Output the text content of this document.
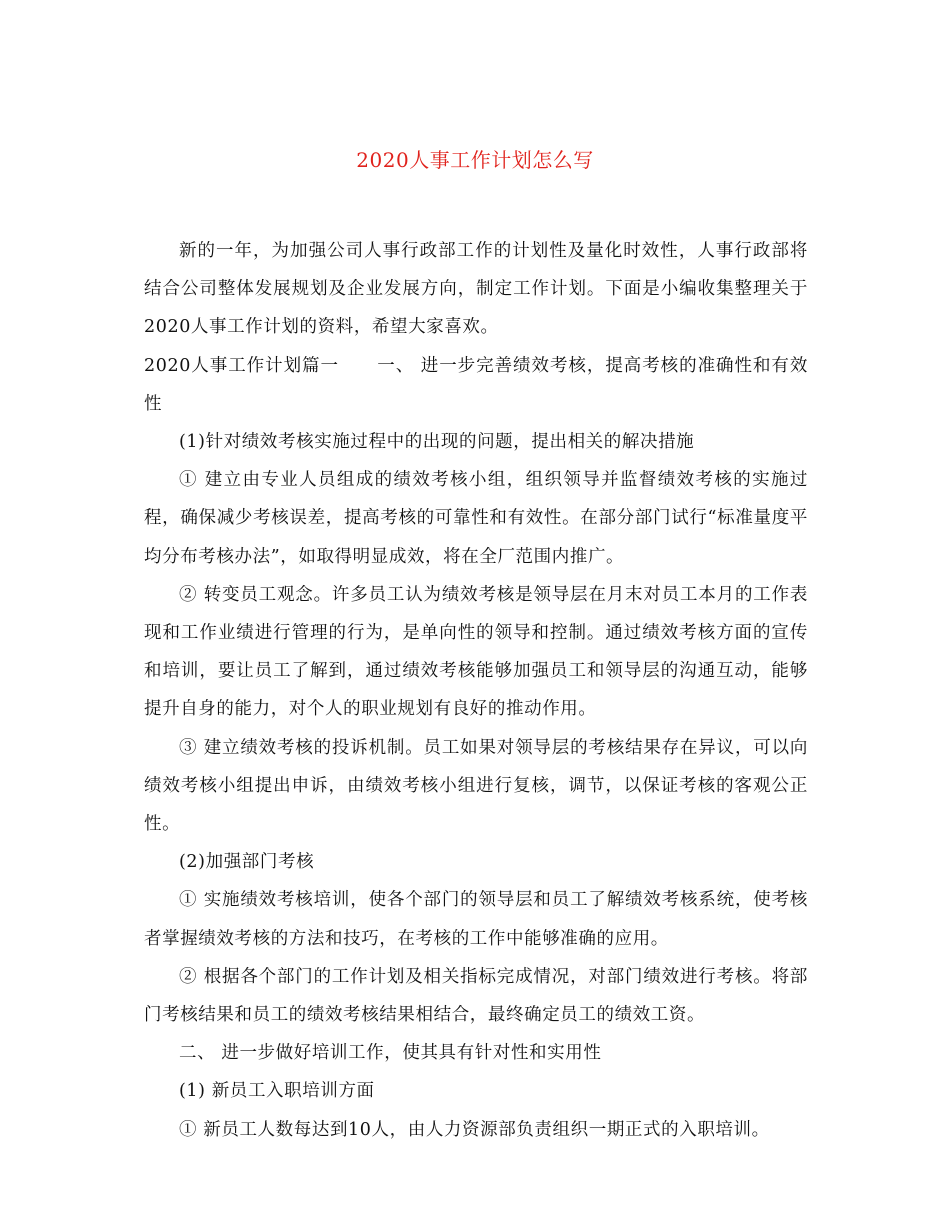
2020人事工作计划怎么写

新的一年，为加强公司人事行政部工作的计划性及量化时效性，人事行政部将结合公司整体发展规划及企业发展方向，制定工作计划。下面是小编收集整理关于2020人事工作计划的资料，希望大家喜欢。

2020人事工作计划篇一 一、 进一步完善绩效考核，提高考核的准确性和有效性

(1)针对绩效考核实施过程中的出现的问题，提出相关的解决措施

① 建立由专业人员组成的绩效考核小组，组织领导并监督绩效考核的实施过程，确保减少考核误差，提高考核的可靠性和有效性。在部分部门试行“标准量度平均分布考核办法”，如取得明显成效，将在全厂范围内推广。

② 转变员工观念。许多员工认为绩效考核是领导层在月末对员工本月的工作表现和工作业绩进行管理的行为，是单向性的领导和控制。通过绩效考核方面的宣传和培训，要让员工了解到，通过绩效考核能够加强员工和领导层的沟通互动，能够提升自身的能力，对个人的职业规划有良好的推动作用。

③ 建立绩效考核的投诉机制。员工如果对领导层的考核结果存在异议，可以向绩效考核小组提出申诉，由绩效考核小组进行复核，调节，以保证考核的客观公正性。

(2)加强部门考核

① 实施绩效考核培训，使各个部门的领导层和员工了解绩效考核系统，使考核者掌握绩效考核的方法和技巧，在考核的工作中能够准确的应用。

② 根据各个部门的工作计划及相关指标完成情况，对部门绩效进行考核。将部门考核结果和员工的绩效考核结果相结合，最终确定员工的绩效工资。

二、 进一步做好培训工作，使其具有针对性和实用性

(1) 新员工入职培训方面

① 新员工人数每达到10人，由人力资源部负责组织一期正式的入职培训。
